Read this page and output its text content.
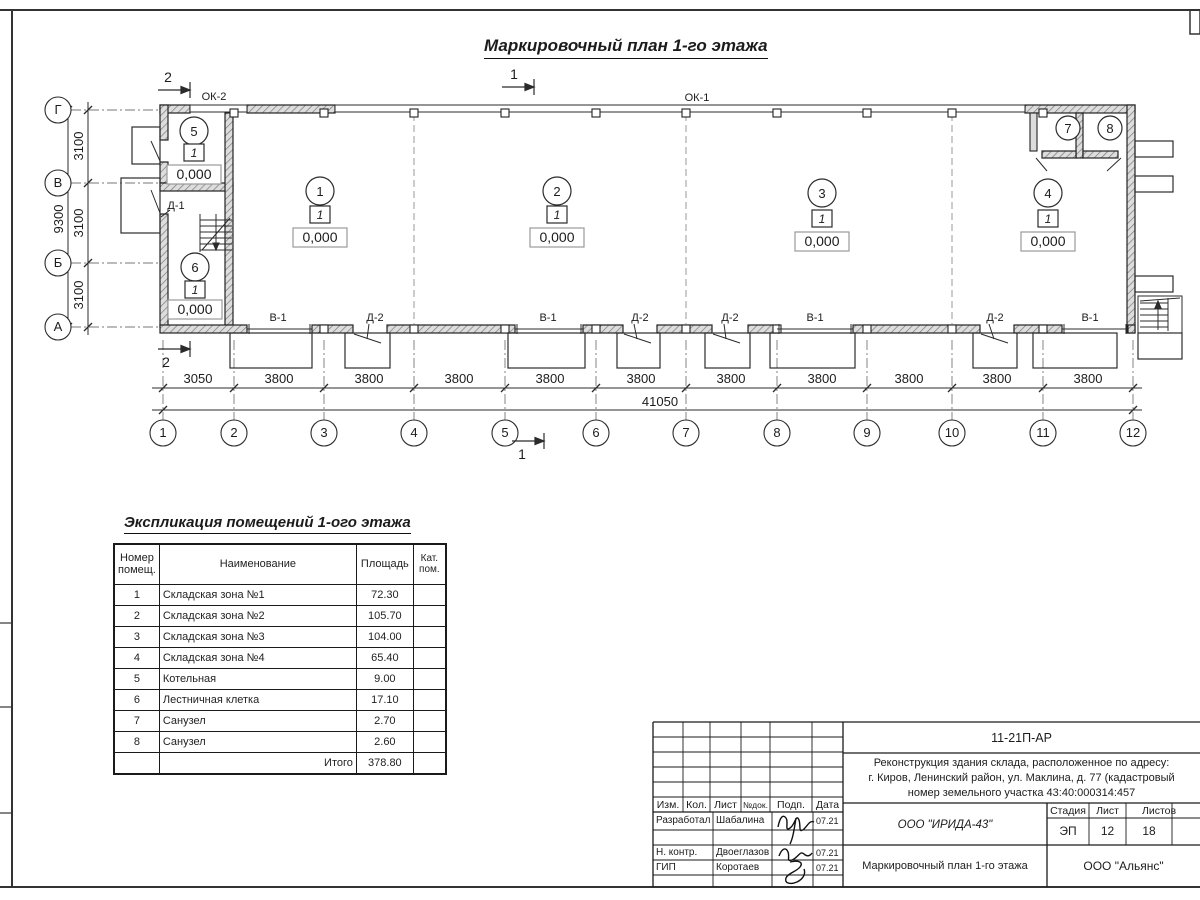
1	2	3	4	5	6	7	8	9	10	11	12
Г
В
Б
А
3050	3800	3800	3800	3800	3800	3800	3800	3800	3800	3800
41050
3100
3100
3100
9300
В-1	Д-2	В-1	Д-2	Д-2	В-1	Д-2	В-1
ОК-2	ОК-1
Д-1
2	1
2
1
1	2	3	4
5
6
7	8
1	1	1	1
1
1
0,000	0,000	0,000	0,000
0,000
0,000
Маркировочный план 1-го этажа
Экспликация помещений 1-ого этажа
Номер помещ.	Наименование	Площадь	Кат. пом.
1	Складская зона №1	72.30	
2	Складская зона №2	105.70	
3	Складская зона №3	104.00	
4	Складская зона №4	65.40	
5	Котельная	9.00	
6	Лестничная клетка	17.10	
7	Санузел	2.70	
8	Санузел	2.60	
	Итого	378.80	
11-21П-АР
Реконструкция здания склада, расположенное по адресу:
г. Киров, Ленинский район, ул. Маклина, д. 77 (кадастровый
номер земельного участка 43:40:000314:457
Изм. Кол. Лист №док. Подп.	Дата
Разработал Шабалина	07.21
Н. контр. Двоеглазов	07.21
ГИП	Коротаев	07.21
ООО "ИРИДА-43"
Стадия Лист	Листов
ЭП	12	18
Маркировочный план 1-го этажа	ООО "Альянс"
